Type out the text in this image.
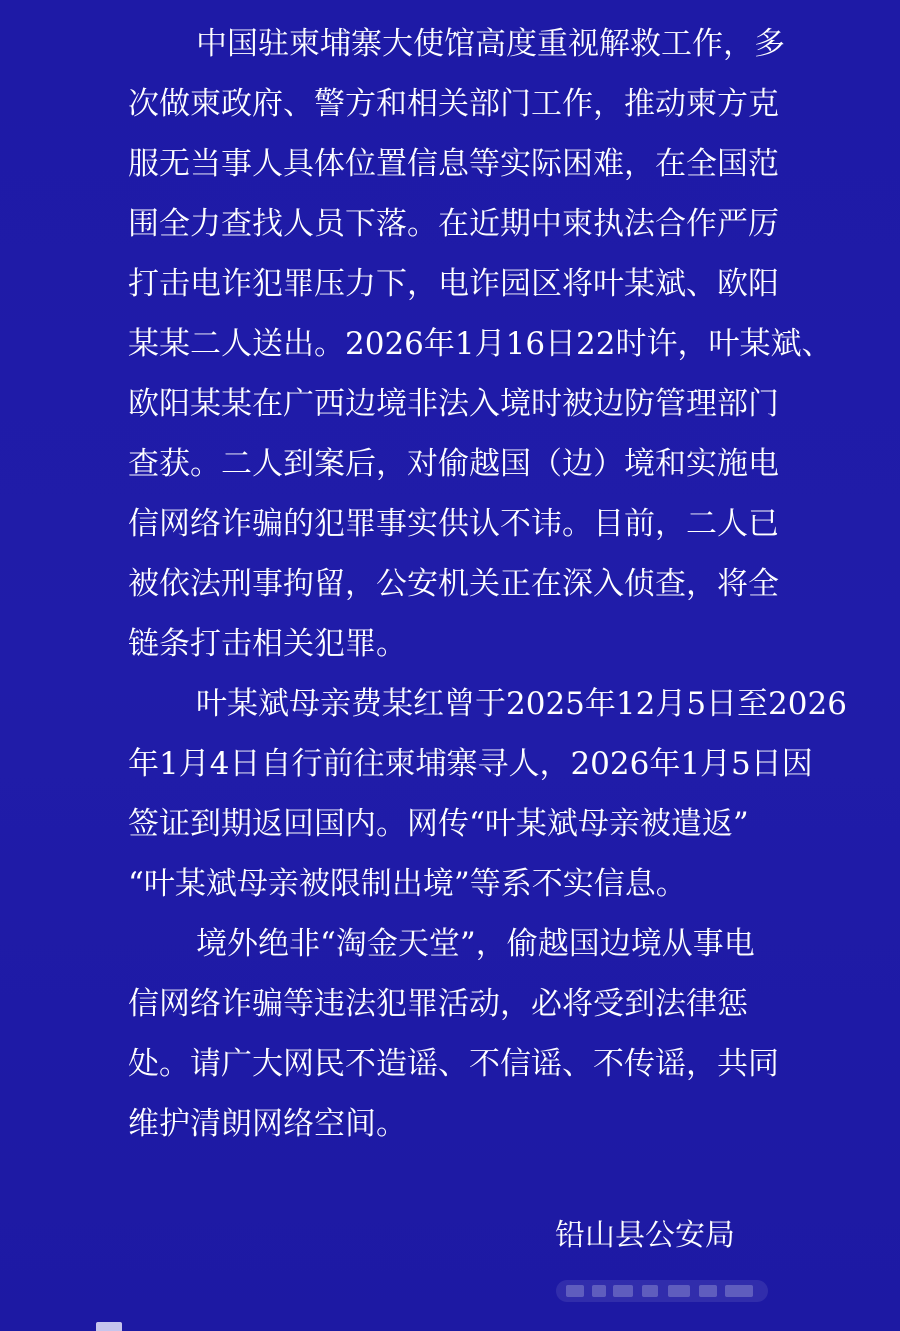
中国驻柬埔寨大使馆高度重视解救工作，多
次做柬政府、警方和相关部门工作，推动柬方克
服无当事人具体位置信息等实际困难，在全国范
围全力查找人员下落。在近期中柬执法合作严厉
打击电诈犯罪压力下，电诈园区将叶某斌、欧阳
某某二人送出。2026年1月16日22时许，叶某斌、
欧阳某某在广西边境非法入境时被边防管理部门
查获。二人到案后，对偷越国（边）境和实施电
信网络诈骗的犯罪事实供认不讳。目前，二人已
被依法刑事拘留，公安机关正在深入侦查，将全
链条打击相关犯罪。
叶某斌母亲费某红曾于2025年12月5日至2026
年1月4日自行前往柬埔寨寻人，2026年1月5日因
签证到期返回国内。网传“叶某斌母亲被遣返”
“叶某斌母亲被限制出境”等系不实信息。
境外绝非“淘金天堂”，偷越国边境从事电
信网络诈骗等违法犯罪活动，必将受到法律惩
处。请广大网民不造谣、不信谣、不传谣，共同
维护清朗网络空间。
铅山县公安局
